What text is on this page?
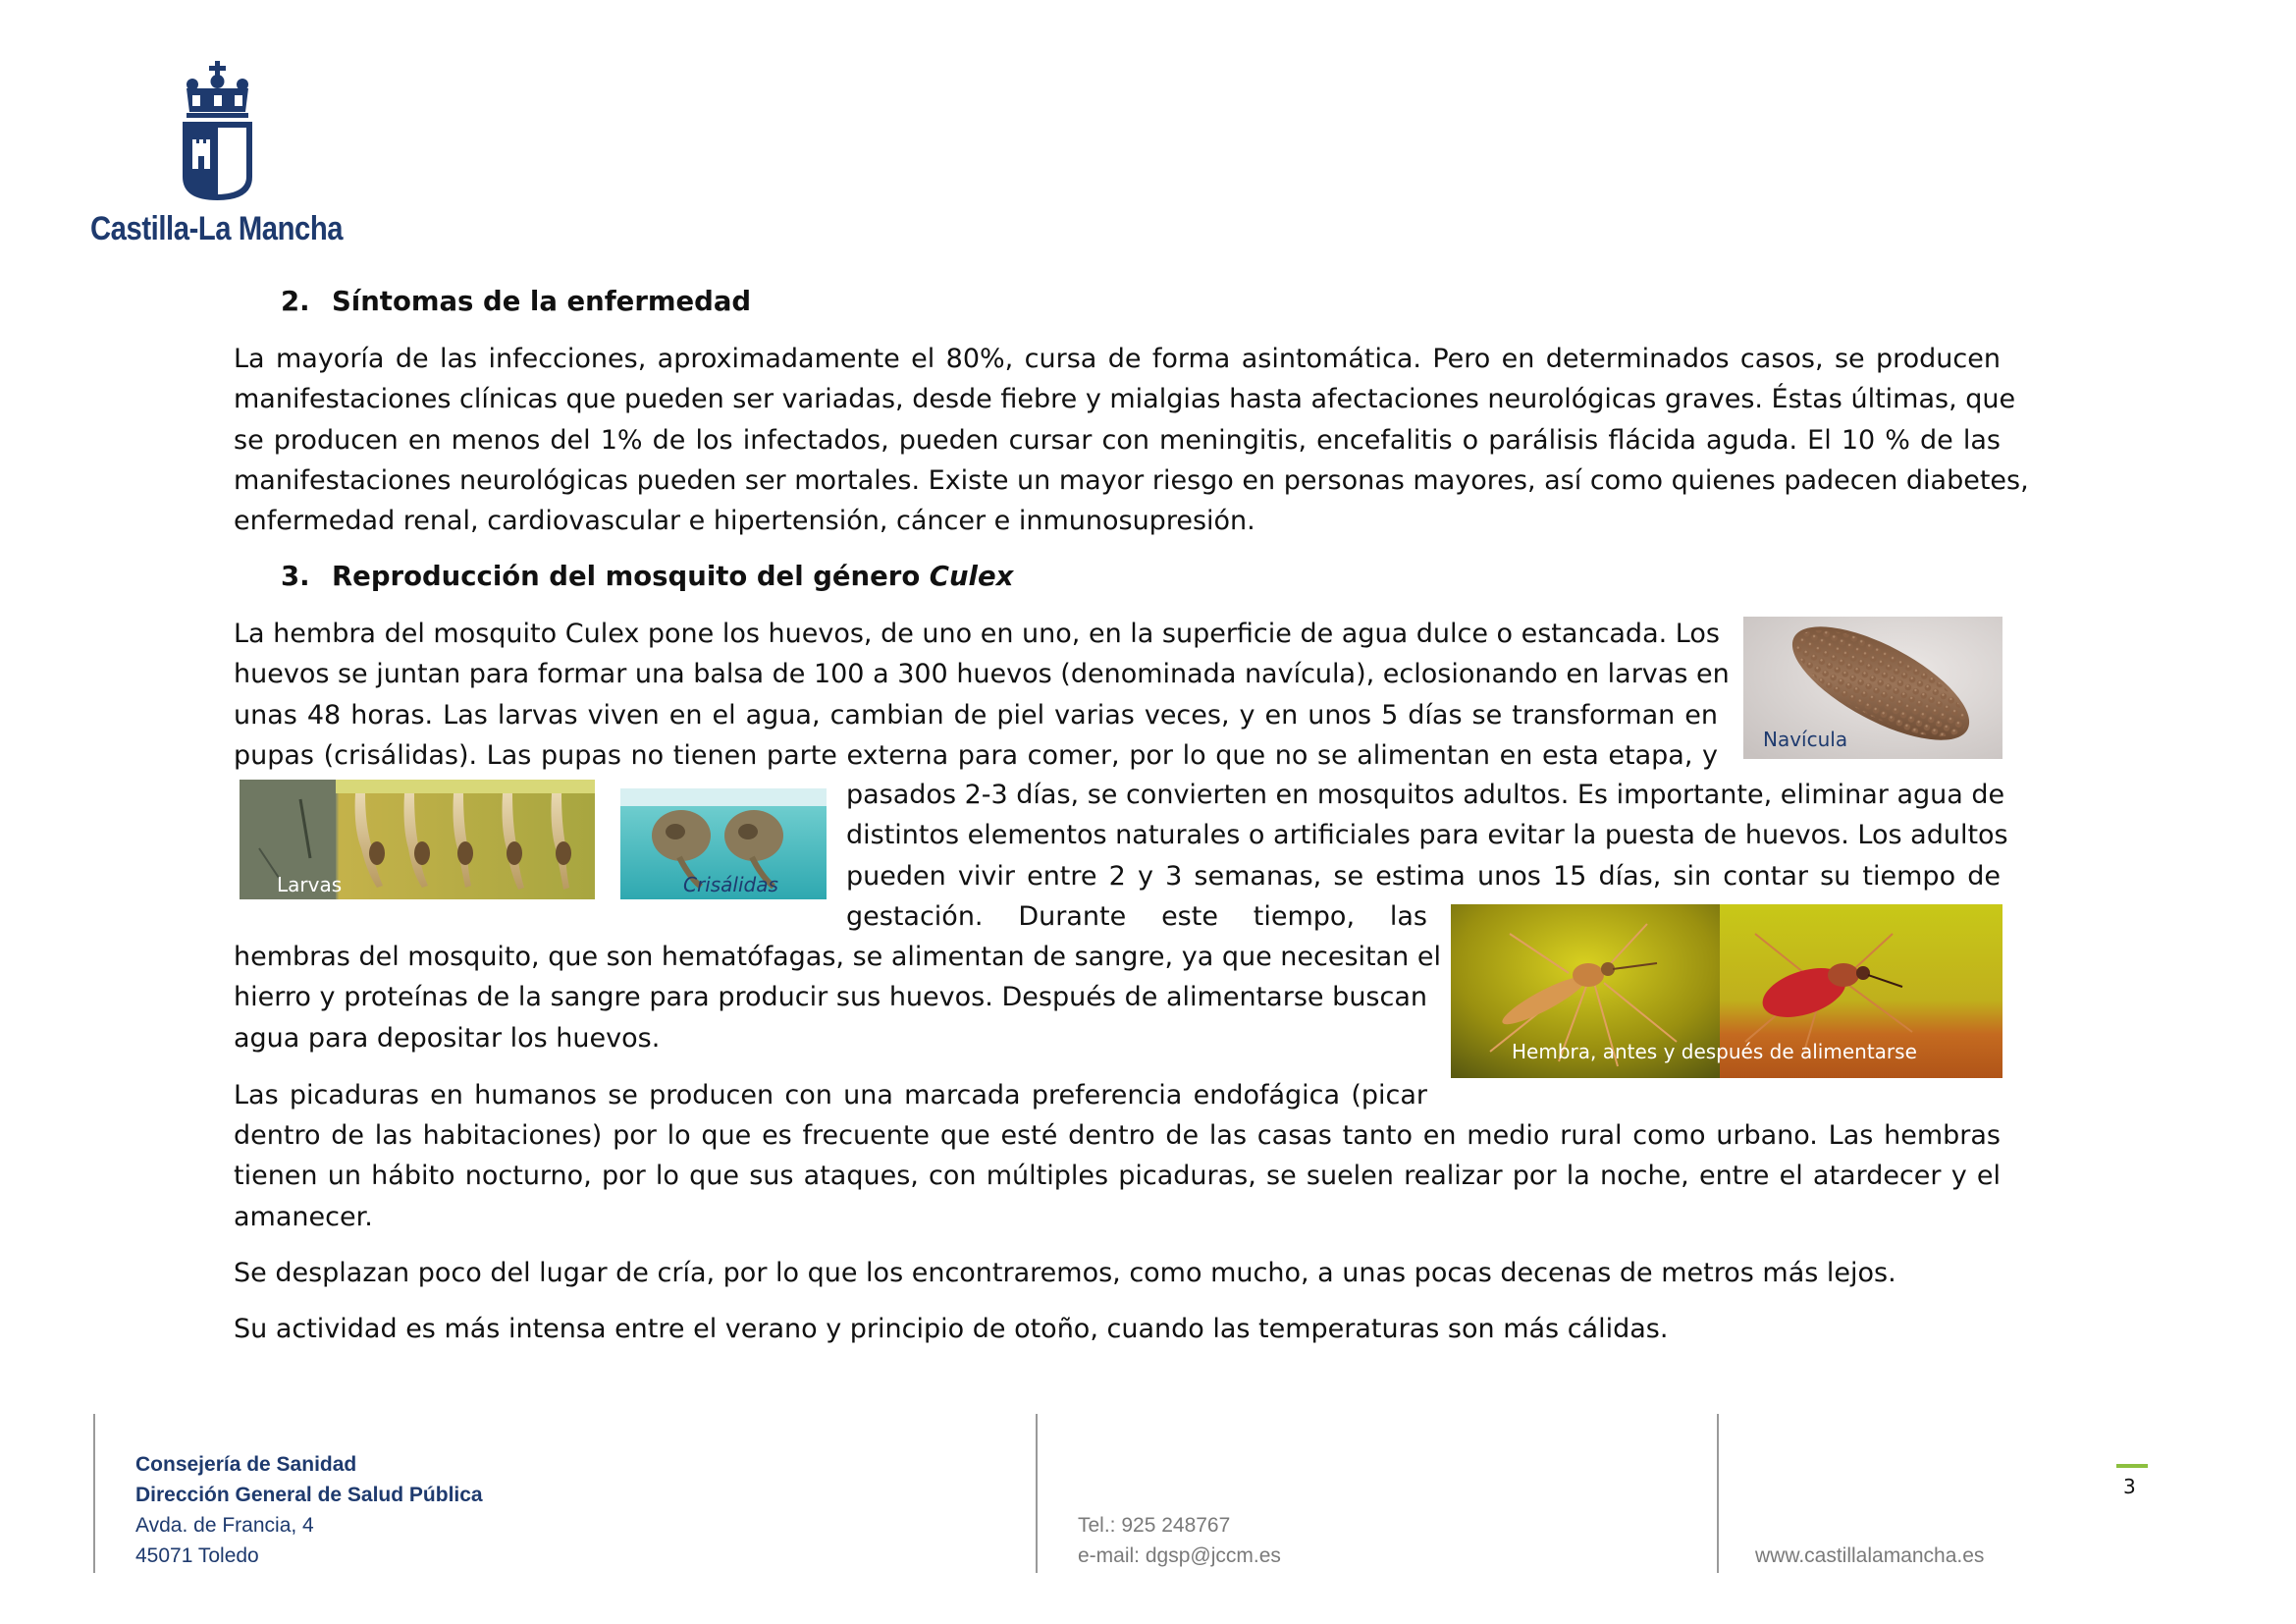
Castilla-La Mancha
2. Síntomas de la enfermedad
La mayoría de las infecciones, aproximadamente el 80%, cursa de forma asintomática. Pero en determinados casos, se producen
manifestaciones clínicas que pueden ser variadas, desde fiebre y mialgias hasta afectaciones neurológicas graves. Éstas últimas, que
se producen en menos del 1% de los infectados, pueden cursar con meningitis, encefalitis o parálisis flácida aguda. El 10 % de las
manifestaciones neurológicas pueden ser mortales. Existe un mayor riesgo en personas mayores, así como quienes padecen diabetes,
enfermedad renal, cardiovascular e hipertensión, cáncer e inmunosupresión.
3. Reproducción del mosquito del género Culex
La hembra del mosquito Culex pone los huevos, de uno en uno, en la superficie de agua dulce o estancada. Los
huevos se juntan para formar una balsa de 100 a 300 huevos (denominada navícula), eclosionando en larvas en
unas 48 horas. Las larvas viven en el agua, cambian de piel varias veces, y en unos 5 días se transforman en
pupas (crisálidas). Las pupas no tienen parte externa para comer, por lo que no se alimentan en esta etapa, y
pasados 2-3 días, se convierten en mosquitos adultos. Es importante, eliminar agua de
distintos elementos naturales o artificiales para evitar la puesta de huevos. Los adultos
pueden vivir entre 2 y 3 semanas, se estima unos 15 días, sin contar su tiempo de
gestación. Durante este tiempo, las
hembras del mosquito, que son hematófagas, se alimentan de sangre, ya que necesitan el
hierro y proteínas de la sangre para producir sus huevos. Después de alimentarse buscan
agua para depositar los huevos.
Las picaduras en humanos se producen con una marcada preferencia endofágica (picar
dentro de las habitaciones) por lo que es frecuente que esté dentro de las casas tanto en medio rural como urbano. Las hembras
tienen un hábito nocturno, por lo que sus ataques, con múltiples picaduras, se suelen realizar por la noche, entre el atardecer y el
amanecer.
Se desplazan poco del lugar de cría, por lo que los encontraremos, como mucho, a unas pocas decenas de metros más lejos.
Su actividad es más intensa entre el verano y principio de otoño, cuando las temperaturas son más cálidas.
Navícula
Larvas	Crisálidas
Hembra, antes y después de alimentarse
Consejería de Sanidad
Dirección General de Salud Pública
Avda. de Francia, 4
45071 Toledo
Tel.: 925 248767
e-mail: dgsp@jccm.es	www.castillalamancha.es
3
